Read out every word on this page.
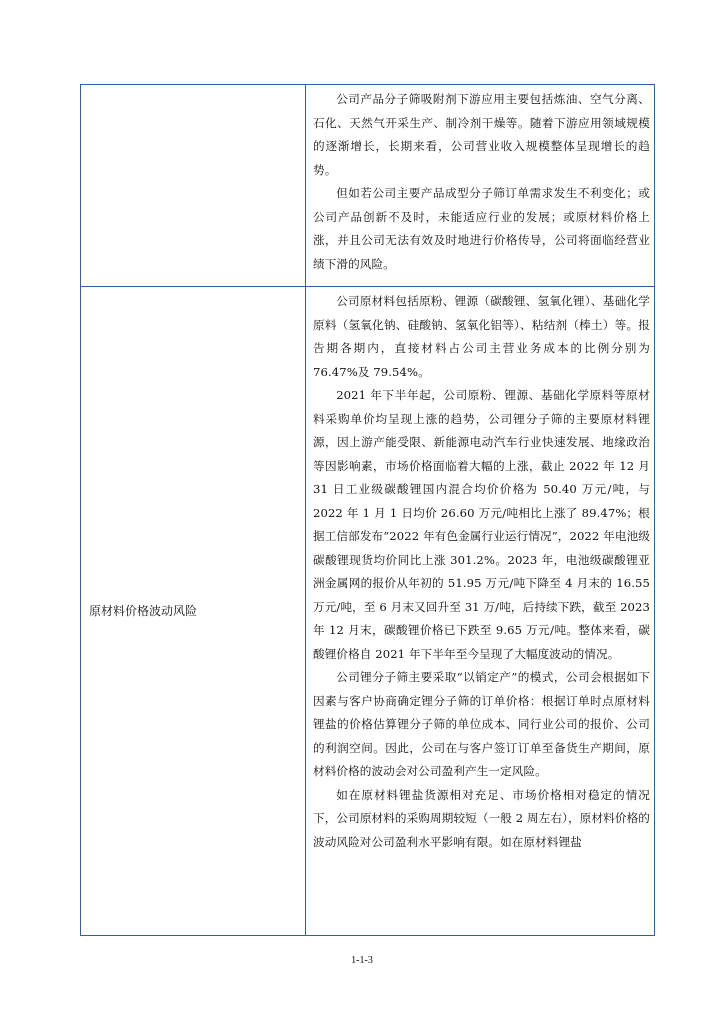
	公司产品分子筛吸附剂下游应用主要包括炼油、空气分离、石化、天然气开采生产、制冷剂干燥等。随着下游应用领域规模的逐渐增长，长期来看，公司营业收入规模整体呈现增长的趋势。

但如若公司主要产品成型分子筛订单需求发生不利变化；或公司产品创新不及时，未能适应行业的发展；或原材料价格上涨，并且公司无法有效及时地进行价格传导，公司将面临经营业绩下滑的风险。

原材料价格波动风险	公司原材料包括原粉、锂源（碳酸锂、氢氧化锂）、基础化学原料（氢氧化钠、硅酸钠、氢氧化铝等）、粘结剂（棒土）等。报告期各期内，直接材料占公司主营业务成本的比例分别为 76.47%及 79.54%。

2021 年下半年起，公司原粉、锂源、基础化学原料等原材料采购单价均呈现上涨的趋势，公司锂分子筛的主要原材料锂源，因上游产能受限、新能源电动汽车行业快速发展、地缘政治等因影响素，市场价格面临着大幅的上涨，截止 2022 年 12 月 31 日工业级碳酸锂国内混合均价价格为 50.40 万元/吨，与 2022 年 1 月 1 日均价 26.60 万元/吨相比上涨了 89.47%；根据工信部发布“2022 年有色金属行业运行情况”，2022 年电池级碳酸锂现货均价同比上涨 301.2%。2023 年，电池级碳酸锂亚洲金属网的报价从年初的 51.95 万元/吨下降至 4 月末的 16.55 万元/吨，至 6 月末又回升至 31 万/吨，后持续下跌，截至 2023 年 12 月末，碳酸锂价格已下跌至 9.65 万元/吨。整体来看，碳酸锂价格自 2021 年下半年至今呈现了大幅度波动的情况。

公司锂分子筛主要采取“以销定产”的模式，公司会根据如下因素与客户协商确定锂分子筛的订单价格：根据订单时点原材料锂盐的价格估算锂分子筛的单位成本、同行业公司的报价、公司的利润空间。因此，公司在与客户签订订单至备货生产期间，原材料价格的波动会对公司盈利产生一定风险。

如在原材料锂盐货源相对充足、市场价格相对稳定的情况下，公司原材料的采购周期较短（一般 2 周左右），原材料价格的波动风险对公司盈利水平影响有限。如在原材料锂盐

1-1-3
